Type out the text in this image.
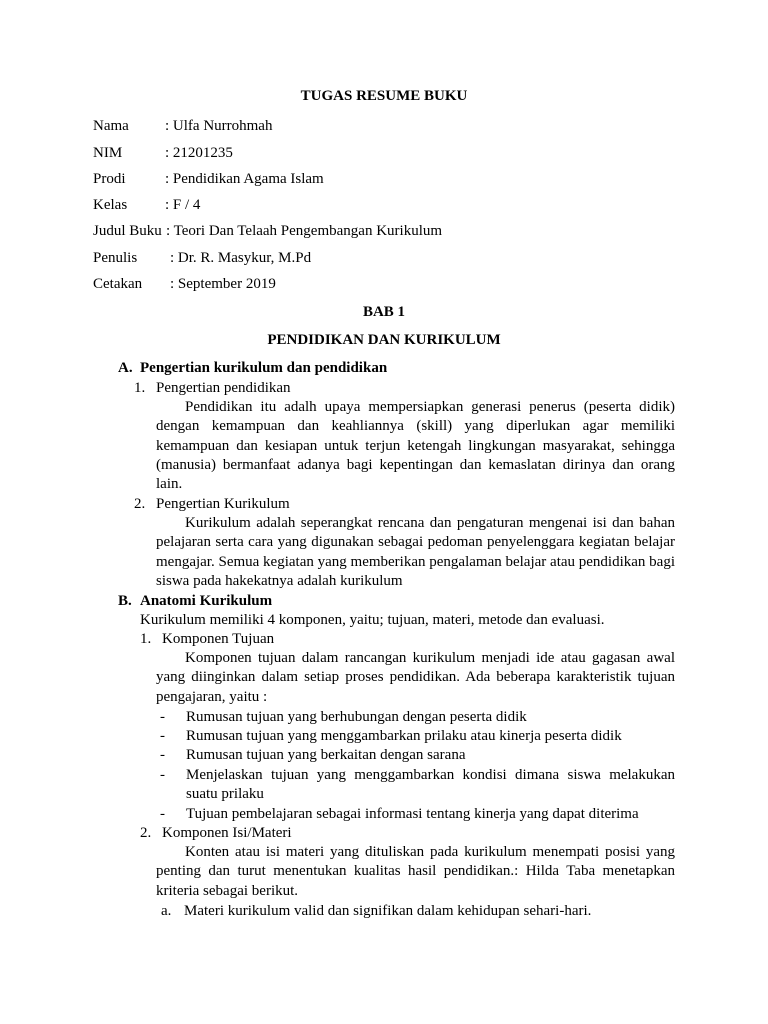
TUGAS RESUME BUKU
Nama : Ulfa Nurrohmah
NIM	: 21201235
Prodi	: Pendidikan Agama Islam
Kelas	: F / 4
Judul Buku : Teori Dan Telaah Pengembangan Kurikulum
Penulis : Dr. R. Masykur, M.Pd
Cetakan : September 2019
BAB 1
PENDIDIKAN DAN KURIKULUM
A. Pengertian kurikulum dan pendidikan
1. Pengertian pendidikan
Pendidikan itu adalh upaya mempersiapkan generasi penerus (peserta didik) dengan kemampuan dan keahliannya (skill) yang diperlukan agar memiliki kemampuan dan kesiapan untuk terjun ketengah lingkungan masyarakat, sehingga (manusia) bermanfaat adanya bagi kepentingan dan kemaslatan dirinya dan orang lain.
2. Pengertian Kurikulum
Kurikulum adalah seperangkat rencana dan pengaturan mengenai isi dan bahan pelajaran serta cara yang digunakan sebagai pedoman penyelenggara kegiatan belajar mengajar. Semua kegiatan yang memberikan pengalaman belajar atau pendidikan bagi siswa pada hakekatnya adalah kurikulum
B. Anatomi Kurikulum
Kurikulum memiliki 4 komponen, yaitu; tujuan, materi, metode dan evaluasi.
1. Komponen Tujuan
Komponen tujuan dalam rancangan kurikulum menjadi ide atau gagasan awal yang diinginkan dalam setiap proses pendidikan. Ada beberapa karakteristik tujuan pengajaran, yaitu :
- Rumusan tujuan yang berhubungan dengan peserta didik
- Rumusan tujuan yang menggambarkan prilaku atau kinerja peserta didik
- Rumusan tujuan yang berkaitan dengan sarana
- Menjelaskan tujuan yang menggambarkan kondisi dimana siswa melakukan suatu prilaku
- Tujuan pembelajaran sebagai informasi tentang kinerja yang dapat diterima
2. Komponen Isi/Materi
Konten atau isi materi yang dituliskan pada kurikulum menempati posisi yang penting dan turut menentukan kualitas hasil pendidikan.: Hilda Taba menetapkan kriteria sebagai berikut.
a. Materi kurikulum valid dan signifikan dalam kehidupan sehari-hari.
